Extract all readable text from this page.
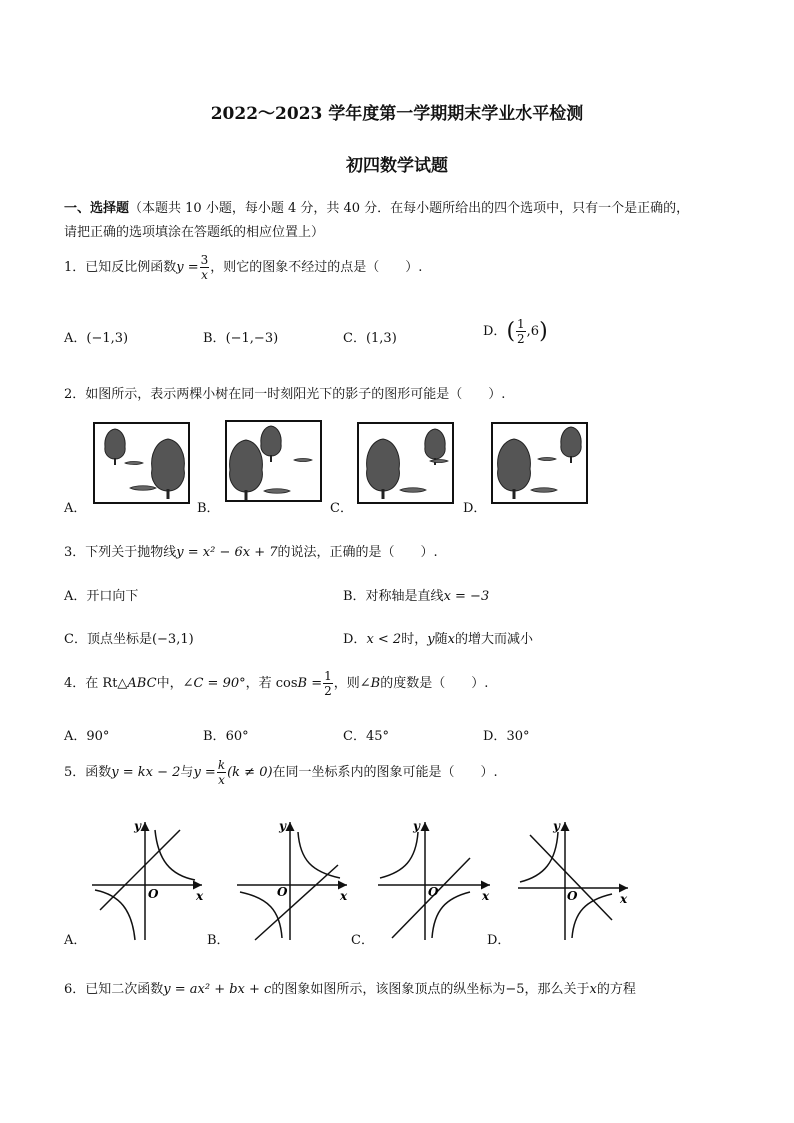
2022～2023 学年度第一学期期末学业水平检测
初四数学试题
一、选择题（本题共 10 小题，每小题 4 分，共 40 分．在每小题所给出的四个选项中，只有一个是正确的，
请把正确的选项填涂在答题纸的相应位置上）
1．已知反比例函数$y = \frac{3}{x}$ ，则它的图象不经过的点是（　　）.
A．(−1,3)	B．(−1,−3)	C．(1,3)	D．( $\frac{1}{2} ,6$)
2．如图所示，表示两棵小树在同一时刻阳光下的影子的图形可能是（　　）.
A．	B．	C．	D．
3．下列关于抛物线y = x² − 6x + 7的说法，正确的是（　　）.
A．开口向下	B．对称轴是直线x = −3
C．顶点坐标是(−3,1)	D．x < 2时，y随x的增大而减小
4．在 Rt△ABC中，∠C = 90°，若 $\cos B = \frac{1}{2}$ ，则∠B的度数是（　　）.
A．90°	B．60°	C．45°	D．30°
5．函数y = kx − 2与$y = \frac{k}{x} (k \ne 0)$在同一坐标系内的图象可能是（　　）.
y
x
O
y
x
O
y
x
O
y
x
O
A．	B．	C．	D．
6．已知二次函数y = ax² + bx + c的图象如图所示，该图象顶点的纵坐标为−5，那么关于x的方程
